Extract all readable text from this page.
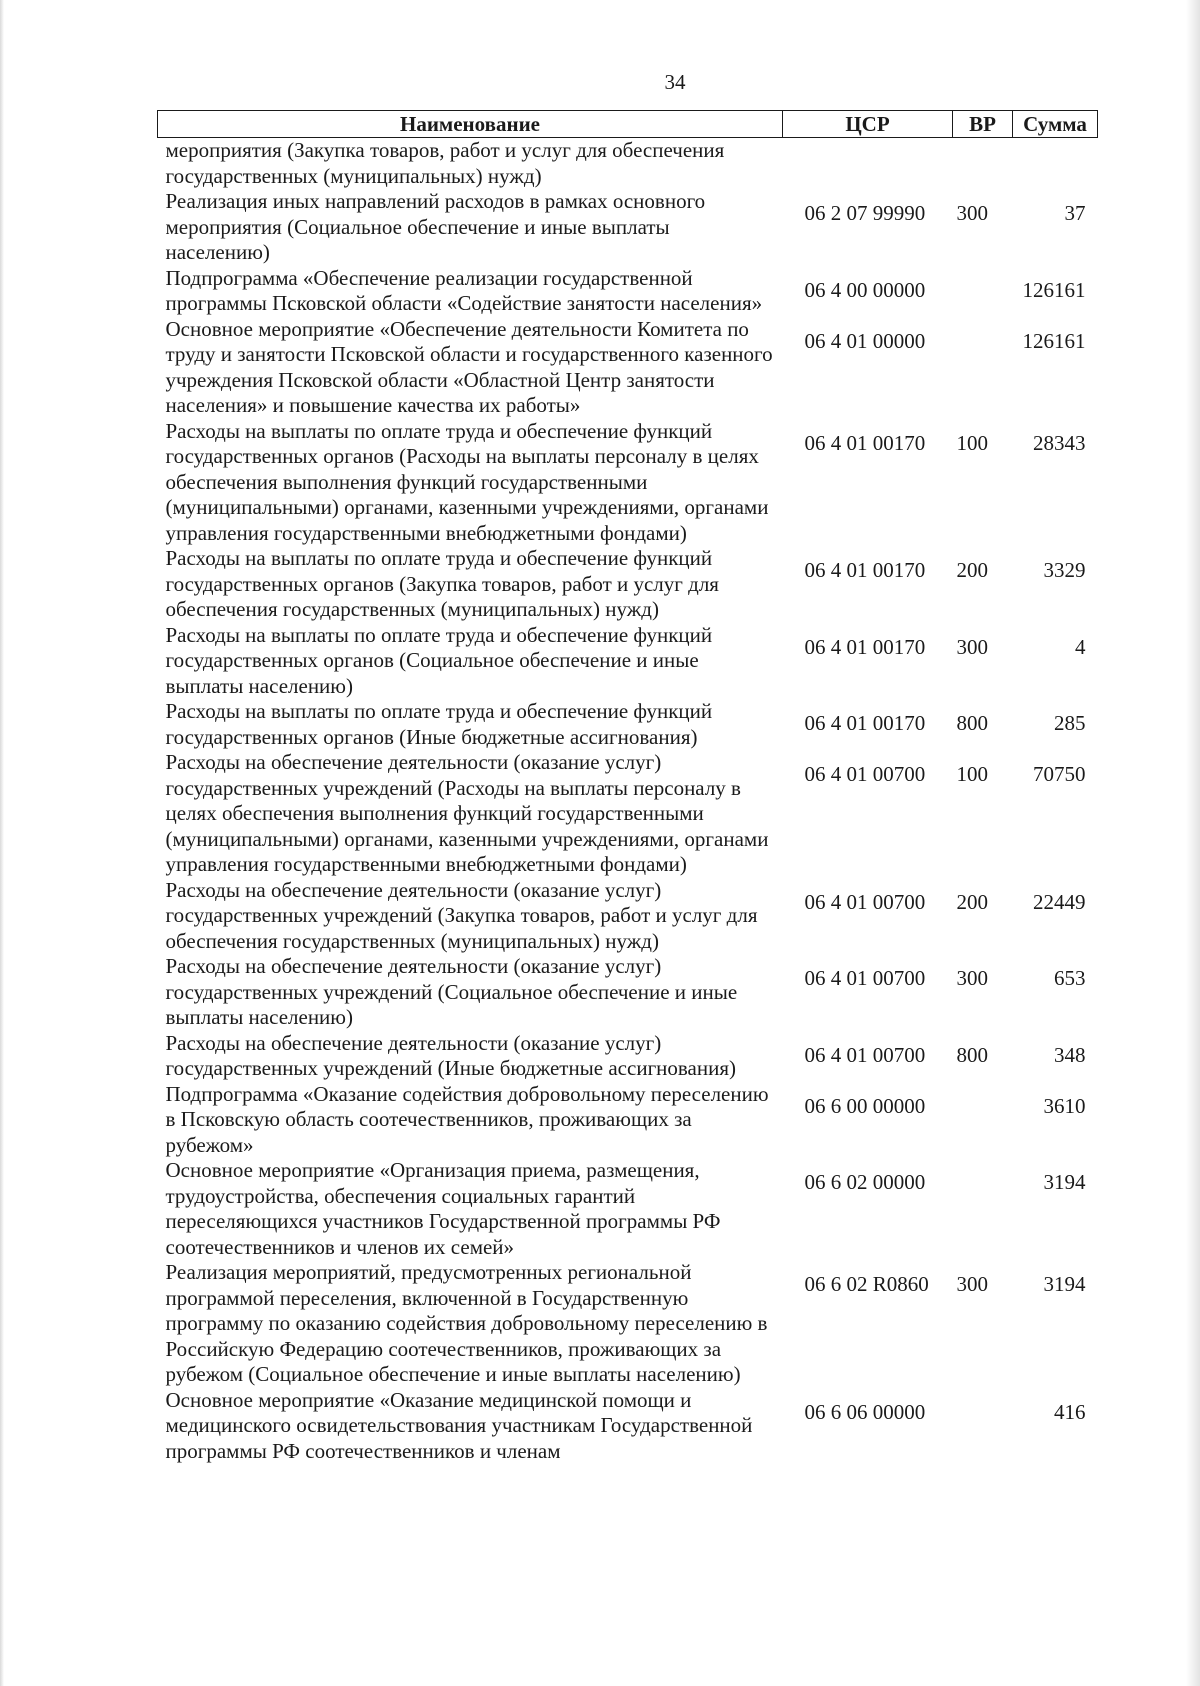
34
Наименование	ЦСР	ВР	Сумма
мероприятия (Закупка товаров, работ и услуг для обеспечения государственных (муниципальных) нужд)			
Реализация иных направлений расходов в рамках основного мероприятия (Социальное обеспечение и иные выплаты населению)	06 2 07 99990	300	37
Подпрограмма «Обеспечение реализации государственной программы Псковской области «Содействие занятости населения»	06 4 00 00000		126161
Основное мероприятие «Обеспечение деятельности Комитета по труду и занятости Псковской области и государственного казенного учреждения Псковской области «Областной Центр занятости населения» и повышение качества их работы»	06 4 01 00000		126161
Расходы на выплаты по оплате труда и обеспечение функций государственных органов (Расходы на выплаты персоналу в целях обеспечения выполнения функций государственными (муниципальными) органами, казенными учреждениями, органами управления государственными внебюджетными фондами)	06 4 01 00170	100	28343
Расходы на выплаты по оплате труда и обеспечение функций государственных органов (Закупка товаров, работ и услуг для обеспечения государственных (муниципальных) нужд)	06 4 01 00170	200	3329
Расходы на выплаты по оплате труда и обеспечение функций государственных органов (Социальное обеспечение и иные выплаты населению)	06 4 01 00170	300	4
Расходы на выплаты по оплате труда и обеспечение функций государственных органов (Иные бюджетные ассигнования)	06 4 01 00170	800	285
Расходы на обеспечение деятельности (оказание услуг) государственных учреждений (Расходы на выплаты персоналу в целях обеспечения выполнения функций государственными (муниципальными) органами, казенными учреждениями, органами управления государственными внебюджетными фондами)	06 4 01 00700	100	70750
Расходы на обеспечение деятельности (оказание услуг) государственных учреждений (Закупка товаров, работ и услуг для обеспечения государственных (муниципальных) нужд)	06 4 01 00700	200	22449
Расходы на обеспечение деятельности (оказание услуг) государственных учреждений (Социальное обеспечение и иные выплаты населению)	06 4 01 00700	300	653
Расходы на обеспечение деятельности (оказание услуг) государственных учреждений (Иные бюджетные ассигнования)	06 4 01 00700	800	348
Подпрограмма «Оказание содействия добровольному переселению в Псковскую область соотечественников, проживающих за рубежом»	06 6 00 00000		3610
Основное мероприятие «Организация приема, размещения, трудоустройства, обеспечения социальных гарантий переселяющихся участников Государственной программы РФ соотечественников и членов их семей»	06 6 02 00000		3194
Реализация мероприятий, предусмотренных региональной программой переселения, включенной в Государственную программу по оказанию содействия добровольному переселению в Российскую Федерацию соотечественников, проживающих за рубежом (Социальное обеспечение и иные выплаты населению)	06 6 02 R0860	300	3194
Основное мероприятие «Оказание медицинской помощи и медицинского освидетельствования участникам Государственной программы РФ соотечественников и членам	06 6 06 00000		416
